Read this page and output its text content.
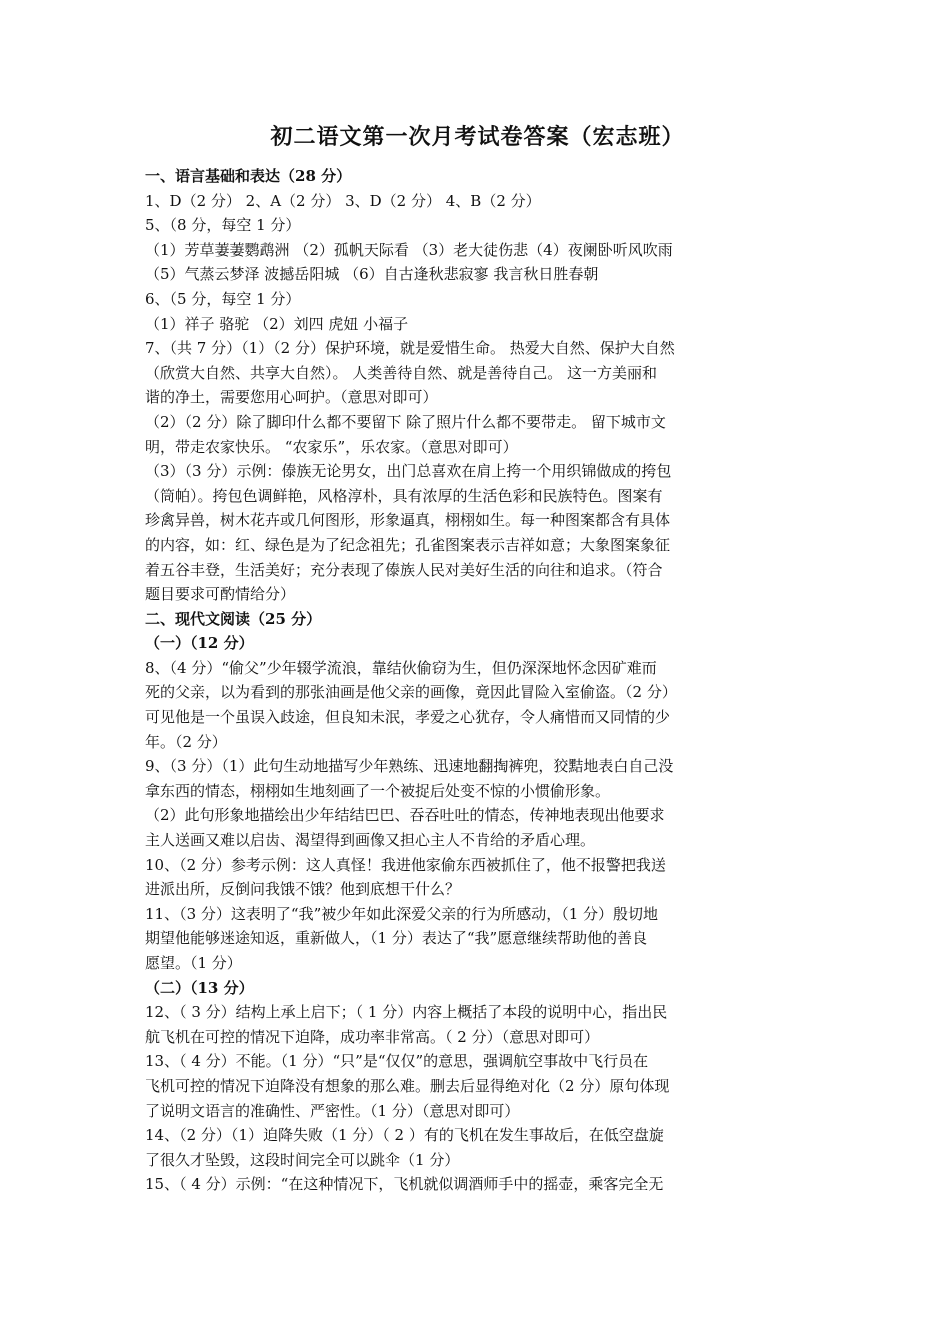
初二语文第一次月考试卷答案（宏志班）
一、语言基础和表达（28 分）
1、D（2 分） 2、A（2 分） 3、D（2 分） 4、B（2 分）
5、（8 分，每空 1 分）
（1）芳草萋萋鹦鹉洲 （2）孤帆天际看 （3）老大徒伤悲（4）夜阑卧听风吹雨
（5）气蒸云梦泽 波撼岳阳城 （6）自古逢秋悲寂寥 我言秋日胜春朝
6、（5 分，每空 1 分）
（1）祥子 骆驼 （2）刘四 虎妞 小福子
7、（共 7 分）（1）（2 分）保护环境，就是爱惜生命。 热爱大自然、保护大自然
（欣赏大自然、共享大自然）。 人类善待自然、就是善待自己。 这一方美丽和
谐的净土，需要您用心呵护。（意思对即可）
（2）（2 分）除了脚印什么都不要留下 除了照片什么都不要带走。 留下城市文
明，带走农家快乐。 “农家乐”，乐农家。（意思对即可）
（3）（3 分）示例：傣族无论男女，出门总喜欢在肩上挎一个用织锦做成的挎包
（筒帕）。挎包色调鲜艳，风格淳朴，具有浓厚的生活色彩和民族特色。图案有
珍禽异兽，树木花卉或几何图形，形象逼真，栩栩如生。每一种图案都含有具体
的内容，如：红、绿色是为了纪念祖先；孔雀图案表示吉祥如意；大象图案象征
着五谷丰登，生活美好；充分表现了傣族人民对美好生活的向往和追求。（符合
题目要求可酌情给分）
二、现代文阅读（25 分）
（一）（12 分）
8、（4 分）“偷父”少年辍学流浪，靠结伙偷窃为生，但仍深深地怀念因矿难而
死的父亲，以为看到的那张油画是他父亲的画像，竟因此冒险入室偷盗。（2 分）
可见他是一个虽误入歧途，但良知未泯，孝爱之心犹存，令人痛惜而又同情的少
年。（2 分）
9、（3 分）（1）此句生动地描写少年熟练、迅速地翻掏裤兜，狡黠地表白自己没
拿东西的情态，栩栩如生地刻画了一个被捉后处变不惊的小惯偷形象。
（2）此句形象地描绘出少年结结巴巴、吞吞吐吐的情态，传神地表现出他要求
主人送画又难以启齿、渴望得到画像又担心主人不肯给的矛盾心理。
10、（2 分）参考示例：这人真怪！我进他家偷东西被抓住了，他不报警把我送
进派出所，反倒问我饿不饿？他到底想干什么？
11、（3 分）这表明了“我”被少年如此深爱父亲的行为所感动，（1 分）殷切地
期望他能够迷途知返，重新做人，（1 分）表达了“我”愿意继续帮助他的善良
愿望。（1 分）
（二）（13 分）
12、（ 3 分）结构上承上启下；（ 1 分）内容上概括了本段的说明中心，指出民
航飞机在可控的情况下迫降，成功率非常高。（ 2 分）（意思对即可）
13、（ 4 分）不能。（1 分）“只”是“仅仅”的意思，强调航空事故中飞行员在
飞机可控的情况下迫降没有想象的那么难。删去后显得绝对化（2 分）原句体现
了说明文语言的准确性、严密性。（1 分）（意思对即可）
14、（2 分）（1）迫降失败（1 分）（ 2 ）有的飞机在发生事故后，在低空盘旋
了很久才坠毁，这段时间完全可以跳伞（1 分）
15、（ 4 分）示例：“在这种情况下，飞机就似调酒师手中的摇壶，乘客完全无
